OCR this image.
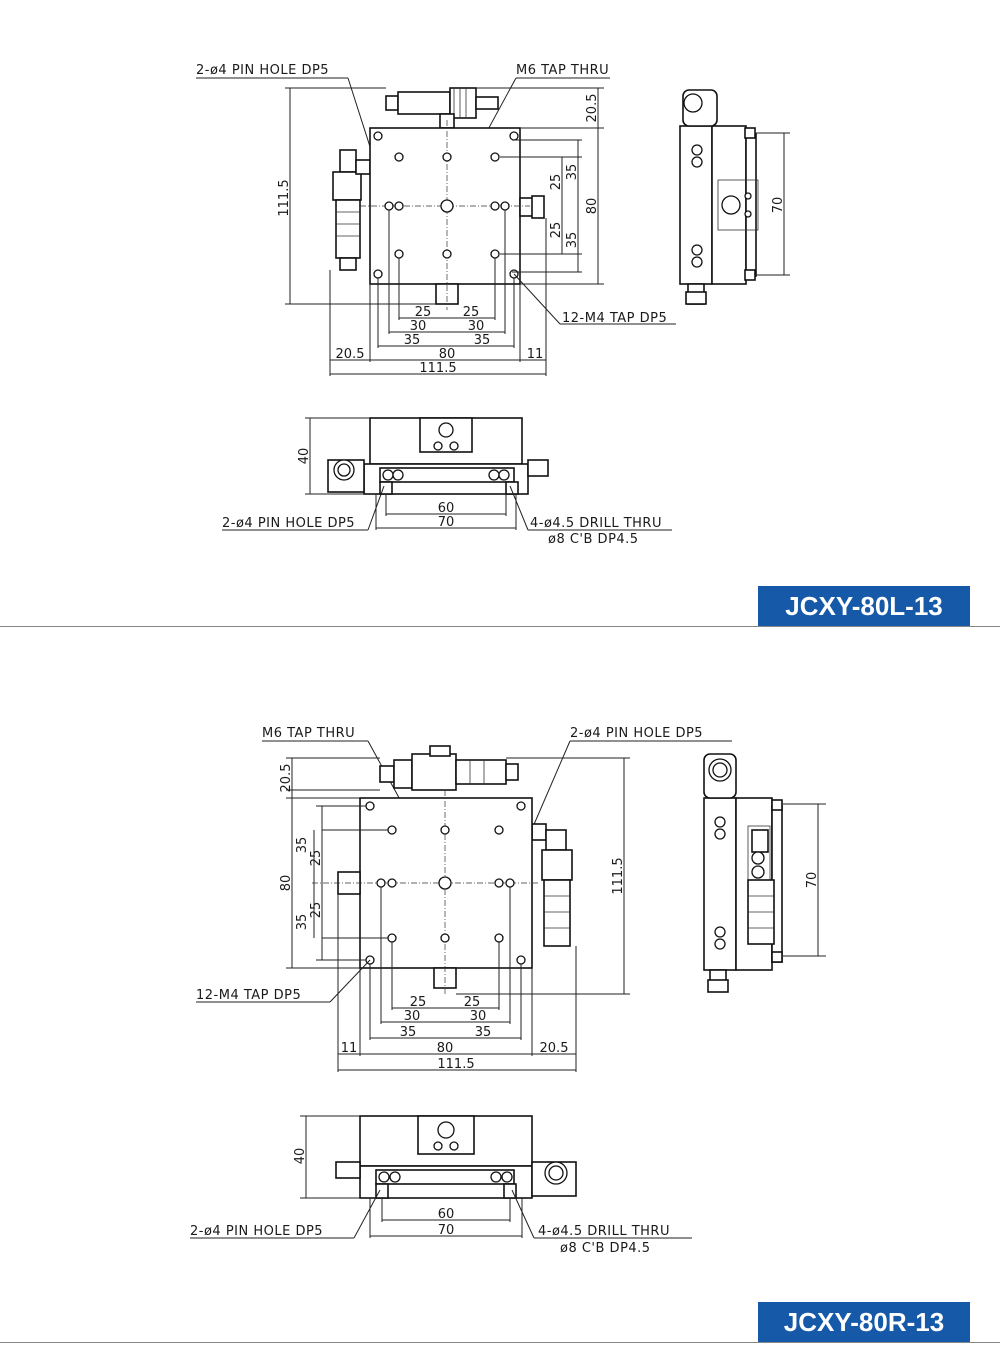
2-ø4 PIN HOLE DP5	M6 TAP THRU
111.5
20.5
80
35
25
25
35
25 25
30	30
35	35
20.5	80	11
111.5
12-M4 TAP DP5
70
40
60
70
2-ø4 PIN HOLE DP5	4-ø4.5 DRILL THRU
ø8 C'B DP4.5
JCXY-80L-13
M6 TAP THRU	2-ø4 PIN HOLE DP5
20.5
80
35
25
25
35
111.5
25	25
30	30
35	35
11	80	20.5
111.5
12-M4 TAP DP5
70
40
60
70
2-ø4 PIN HOLE DP5	4-ø4.5 DRILL THRU
ø8 C'B DP4.5
JCXY-80R-13
